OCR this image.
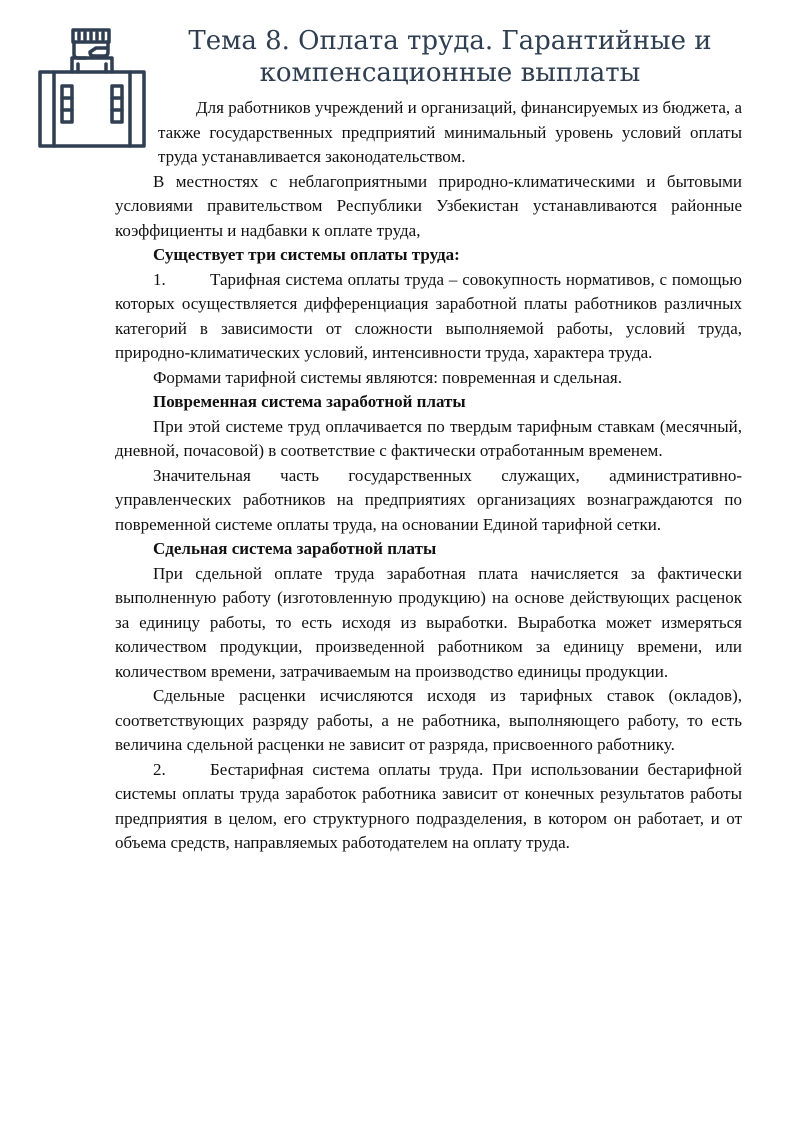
Тема 8. Оплата труда. Гарантийные и
компенсационные выплаты

Для работников учреждений и организаций, финансируемых из бюджета, а также государственных предприятий минимальный уровень условий оплаты труда устанавливается законодательством.

В местностях с неблагоприятными природно-климатическими и бытовыми условиями правительством Республики Узбекистан устанавливаются районные коэффициенты и надбавки к оплате труда,

Существует три системы оплаты труда:

1.	Тарифная система оплаты труда – совокупность нормативов, с помощью которых осуществляется дифференциация заработной платы работников различных категорий в зависимости от сложности выполняемой работы, условий труда, природно-климатических условий, интенсивности труда, характера труда.

Формами тарифной системы являются: повременная и сдельная.

Повременная система заработной платы

При этой системе труд оплачивается по твердым тарифным ставкам (месячный, дневной, почасовой) в соответствие с фактически отработанным временем.

Значительная часть государственных служащих, административно-управленческих работников на предприятиях организациях вознаграждаются по повременной системе оплаты труда, на основании Единой тарифной сетки.

Сдельная система заработной платы

При сдельной оплате труда заработная плата начисляется за фактически выполненную работу (изготовленную продукцию) на основе действующих расценок за единицу работы, то есть исходя из выработки. Выработка может измеряться количеством продукции, произведенной работником за единицу времени, или количеством времени, затрачиваемым на производство единицы продукции.

Сдельные расценки исчисляются исходя из тарифных ставок (окладов), соответствующих разряду работы, а не работника, выполняющего работу, то есть величина сдельной расценки не зависит от разряда, присвоенного работнику.

2.	Бестарифная система оплаты труда. При использовании бестарифной системы оплаты труда заработок работника зависит от конечных результатов работы предприятия в целом, его структурного подразделения, в котором он работает, и от объема средств, направляемых работодателем на оплату труда.
